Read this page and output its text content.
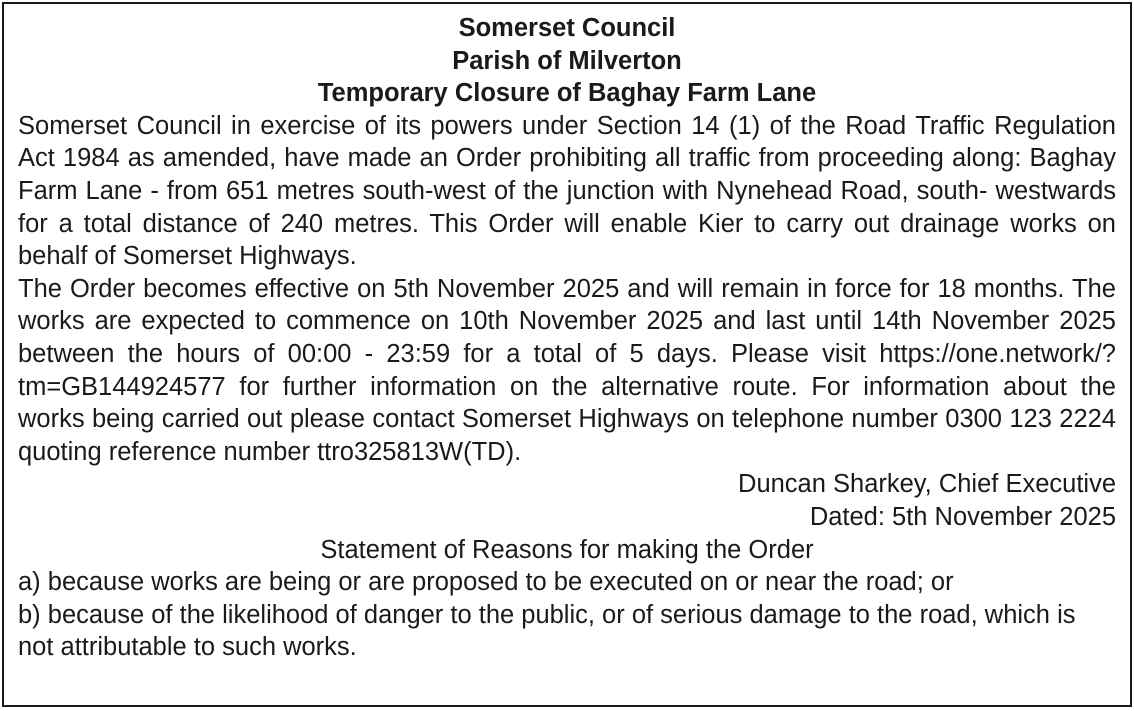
Somerset Council

Parish of Milverton

Temporary Closure of Baghay Farm Lane

Somerset Council in exercise of its powers under Section 14 (1) of the Road Traffic Regulation Act 1984 as amended, have made an Order prohibiting all traffic from proceeding along: Baghay Farm Lane - from 651 metres south-west of the junction with Nynehead Road, south- westwards for a total distance of 240 metres. This Order will enable Kier to carry out drainage works on behalf of Somerset Highways.

The Order becomes effective on 5th November 2025 and will remain in force for 18 months. The works are expected to commence on 10th November 2025 and last until 14th November 2025 between the hours of 00:00 - 23:59 for a total of 5 days. Please visit https://one.network/?tm=GB144924577 for further information on the alternative route. For information about the works being carried out please contact Somerset Highways on telephone number 0300 123 2224 quoting reference number ttro325813W(TD).

Duncan Sharkey, Chief Executive

Dated: 5th November 2025

Statement of Reasons for making the Order

a) because works are being or are proposed to be executed on or near the road; or

b) because of the likelihood of danger to the public, or of serious damage to the road, which is not attributable to such works.
